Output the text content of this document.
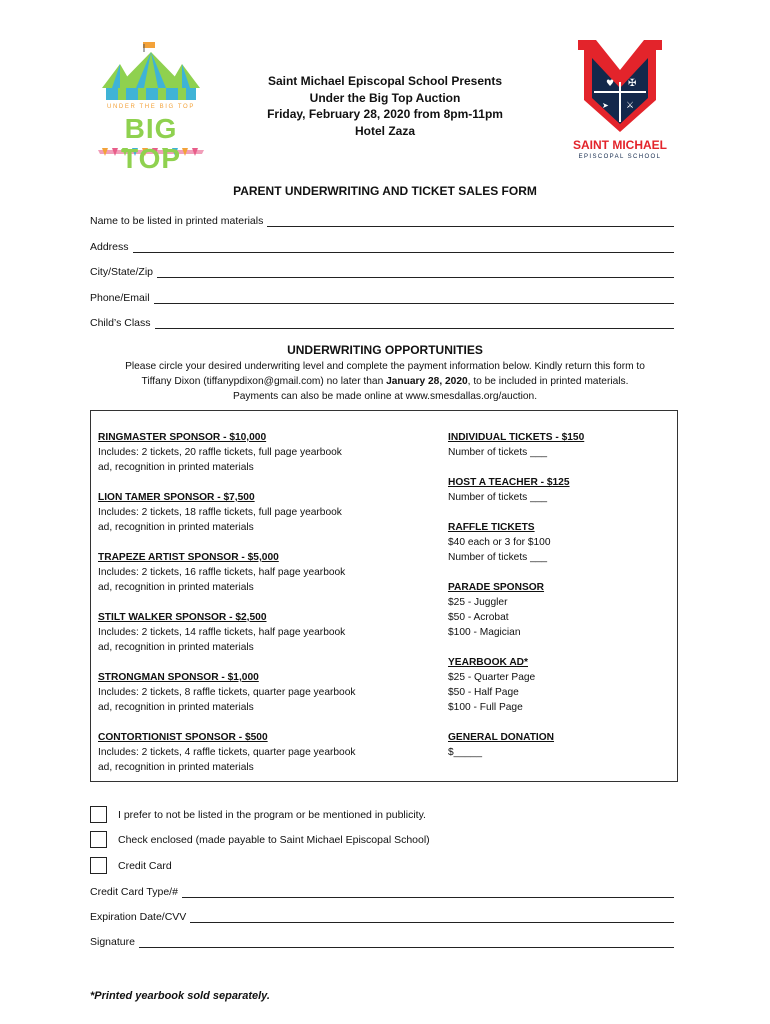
UNDER THE BIG TOP
BIG TOP
Saint Michael Episcopal School Presents
Under the Big Top Auction
Friday, February 28, 2020 from 8pm-11pm
Hotel Zaza
♥ ✠
➤ ⚔
SAINT MICHAEL
EPISCOPAL SCHOOL
PARENT UNDERWRITING AND TICKET SALES FORM
Name to be listed in printed materials
Address
City/State/Zip
Phone/Email
Child’s Class
UNDERWRITING OPPORTUNITIES
Please circle your desired underwriting level and complete the payment information below. Kindly return this form to
Tiffany Dixon (tiffanypdixon@gmail.com) no later than January 28, 2020, to be included in printed materials.
Payments can also be made online at www.smesdallas.org/auction.
RINGMASTER SPONSOR - $10,000
Includes: 2 tickets, 20 raffle tickets, full page yearbook
ad, recognition in printed materials
LION TAMER SPONSOR - $7,500
Includes: 2 tickets, 18 raffle tickets, full page yearbook
ad, recognition in printed materials
TRAPEZE ARTIST SPONSOR - $5,000
Includes: 2 tickets, 16 raffle tickets, half page yearbook
ad, recognition in printed materials
STILT WALKER SPONSOR - $2,500
Includes: 2 tickets, 14 raffle tickets, half page yearbook
ad, recognition in printed materials
STRONGMAN SPONSOR - $1,000
Includes: 2 tickets, 8 raffle tickets, quarter page yearbook
ad, recognition in printed materials
CONTORTIONIST SPONSOR - $500
Includes: 2 tickets, 4 raffle tickets, quarter page yearbook
ad, recognition in printed materials
INDIVIDUAL TICKETS - $150
Number of tickets ___
HOST A TEACHER - $125
Number of tickets ___
RAFFLE TICKETS
$40 each or 3 for $100
Number of tickets ___
PARADE SPONSOR
$25 - Juggler
$50 - Acrobat
$100 - Magician
YEARBOOK AD*
$25 - Quarter Page
$50 - Half Page
$100 - Full Page
GENERAL DONATION
$_____
I prefer to not be listed in the program or be mentioned in publicity.
Check enclosed (made payable to Saint Michael Episcopal School)
Credit Card
Credit Card Type/#
Expiration Date/CVV
Signature
*Printed yearbook sold separately.
